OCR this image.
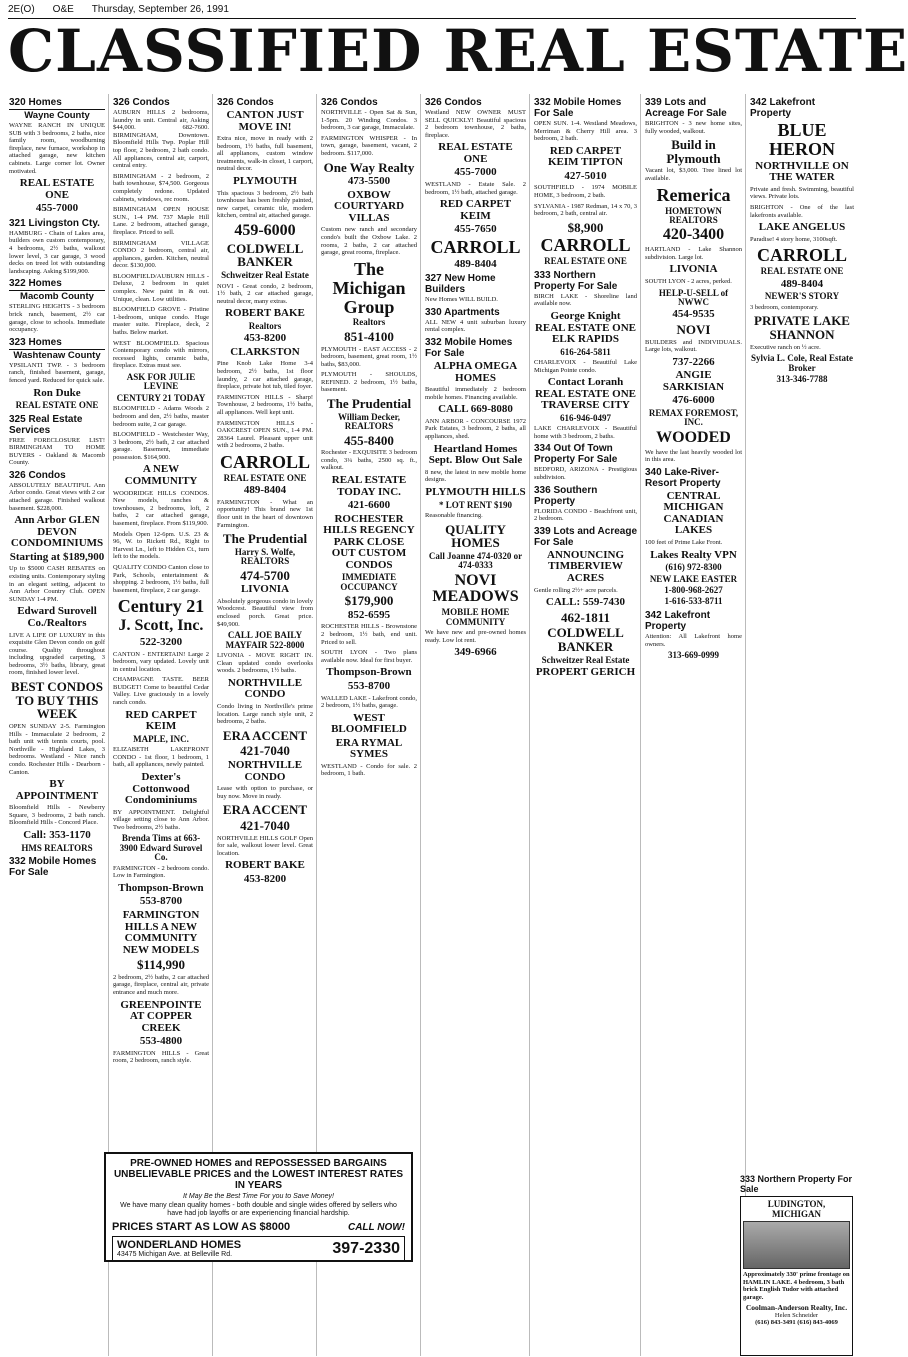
2E(O) O&E Thursday, September 26, 1991
CLASSIFIED REAL ESTATE
320 Homes
Wayne County
WAYNE RANCH IN UNIQUE SUB with 3 bedrooms, 2 baths, nice family room, woodburning fireplace, new furnace, workshop in attached garage, new kitchen cabinets. Large corner lot. Owner motivated.
REAL ESTATE ONE
455-7000
321 Livingston Cty.
HAMBURG - Chain of Lakes area, builders own custom contemporary, 4 bedrooms, 2½ baths, walkout lower level, 3 car garage, 3 wood decks on treed lot with outstanding landscaping. Asking $199,900.
322 Homes
Macomb County
STERLING HEIGHTS - 3 bedroom brick ranch, basement, 2½ car garage, close to schools. Immediate occupancy.
323 Homes
Washtenaw County
YPSILANTI TWP. - 3 bedroom ranch, finished basement, garage, fenced yard. Reduced for quick sale.
Ron Duke
REAL ESTATE ONE
325 Real Estate Services
FREE FORECLOSURE LIST! BIRMINGHAM TO HOME BUYERS - Oakland & Macomb County.
326 Condos
ABSOLUTELY BEAUTIFUL Ann Arbor condo. Great views with 2 car attached garage. Finished walkout basement. $228,000.
Ann Arbor GLEN DEVON CONDOMINIUMS
Starting at $189,900
Up to $5000 CASH REBATES on existing units. Contemporary styling in an elegant setting, adjacent to Ann Arbor Country Club. OPEN SUNDAY 1-4 PM.
Edward Surovell Co./Realtors
LIVE A LIFE OF LUXURY in this exquisite Glen Devon condo on golf course. Quality throughout including upgraded carpeting, 3 bedrooms, 3½ baths, library, great room, finished lower level.
BEST CONDOS TO BUY THIS WEEK
OPEN SUNDAY 2-5. Farmington Hills - Immaculate 2 bedroom, 2 bath unit with tennis courts, pool. Northville - Highland Lakes, 3 bedrooms. Westland - Nice ranch condo. Rochester Hills - Dearborn - Canton.
BY APPOINTMENT
Bloomfield Hills - Newberry Square, 3 bedrooms, 2 bath ranch. Bloomfield Hills - Concord Place.
Call: 353-1170
HMS REALTORS
332 Mobile Homes For Sale
326 Condos
AUBURN HILLS 2 bedrooms, laundry in unit. Central air, Asking $44,000. 682-7600. BIRMINGHAM, Downtown. Bloomfield Hills Twp. Poplar Hill top floor, 2 bedroom, 2 bath condo. All appliances, central air, carport, central entry.
BIRMINGHAM - 2 bedroom, 2 bath townhouse, $74,500. Gorgeous completely redone. Updated cabinets, windows, rec room.
BIRMINGHAM OPEN HOUSE SUN., 1-4 PM. 737 Maple Hill Lane. 2 bedroom, attached garage, fireplace. Priced to sell.
BIRMINGHAM VILLAGE CONDO 2 bedroom, central air, appliances, garden. Kitchen, neutral decor. $130,000.
BLOOMFIELD/AUBURN HILLS - Deluxe, 2 bedroom in quiet complex. New paint in & out. Unique, clean. Low utilities.
BLOOMFIELD GROVE - Pristine 1-bedroom, unique condo. Huge master suite. Fireplace, deck, 2 baths. Below market.
WEST BLOOMFIELD. Spacious Contemporary condo with mirrors, recessed lights, ceramic baths, fireplace. Extras must see.
ASK FOR JULIE LEVINE
CENTURY 21 TODAY
BLOOMFIELD - Adams Woods 2 bedroom and den, 2½ baths, master bedroom suite, 2 car garage.
BLOOMFIELD - Westchester Way, 3 bedroom, 2½ bath, 2 car attached garage. Basement, immediate possession. $164,900.
A NEW COMMUNITY
WOODRIDGE HILLS CONDOS. New models, ranches & townhouses, 2 bedrooms, loft, 2 baths, 2 car attached garage, basement, fireplace. From $119,900.
Models Open 12-6pm. U.S. 23 & 96, W. to Rickett Rd., Right to Harvest Ln., left to Hidden Ct., turn left to the models.
QUALITY CONDO Canton close to Park, Schools, entertainment & shopping. 2 bedroom, 1½ baths, full basement, fireplace, 2 car garage.
Century 21
J. Scott, Inc.
522-3200
CANTON - ENTERTAIN! Large 2 bedroom, vary updated. Lovely unit in central location.
CHAMPAGNE TASTE. BEER BUDGET! Come to beautiful Cedar Valley. Live graciously in a lovely ranch condo.
RED CARPET KEIM
MAPLE, INC.
ELIZABETH LAKEFRONT CONDO - 1st floor, 1 bedroom, 1 bath, all appliances, newly painted.
Dexter's Cottonwood Condominiums
BY APPOINTMENT. Delightful village setting close to Ann Arbor. Two bedrooms, 2½ baths.
Brenda Tims at 663-3900 Edward Surovel Co.
FARMINGTON - 2 bedroom condo. Low in Farmington.
Thompson-Brown
553-8700
FARMINGTON HILLS A NEW COMMUNITY NEW MODELS
$114,990
2 bedroom, 2½ baths, 2 car attached garage, fireplace, central air, private entrance and much more.
GREENPOINTE AT COPPER CREEK
553-4800
FARMINGTON HILLS - Great room, 2 bedroom, ranch style.
326 Condos
CANTON JUST MOVE IN!
Extra nice, move in ready with 2 bedroom, 1½ baths, full basement, all appliances, custom window treatments, walk-in closet, 1 carport, neutral decor.
PLYMOUTH
This spacious 3 bedroom, 2½ bath townhouse has been freshly painted, new carpet, ceramic tile, modern kitchen, central air, attached garage.
459-6000
COLDWELL BANKER
Schweitzer Real Estate
NOVI - Great condo, 2 bedroom, 1½ bath, 2 car attached garage, neutral decor, many extras.
ROBERT BAKE
Realtors
453-8200
CLARKSTON
Pine Knob Lake Home 3-4 bedroom, 2½ baths, 1st floor laundry, 2 car attached garage, fireplace, private hot tub, tiled foyer.
FARMINGTON HILLS - Sharp! Townhouse, 2 bedrooms, 1½ baths, all appliances. Well kept unit.
FARMINGTON HILLS - OAKCREST OPEN SUN., 1-4 PM. 28364 Laurel. Pleasant upper unit with 2 bedrooms, 2 baths.
CARROLL
REAL ESTATE ONE
489-8404
FARMINGTON - What an opportunity! This brand new 1st floor unit in the heart of downtown Farmington.
The Prudential
Harry S. Wolfe, REALTORS
474-5700
LIVONIA
Absolutely gorgeous condo in lovely Woodcrest. Beautiful view from enclosed porch. Great price. $49,900.
CALL JOE BAILY MAYFAIR 522-8000
LIVONIA - MOVE RIGHT IN. Clean updated condo overlooks woods. 2 bedrooms, 1½ baths.
NORTHVILLE CONDO
Condo living in Northville's prime location. Large ranch style unit, 2 bedrooms, 2 baths.
ERA ACCENT
421-7040
NORTHVILLE CONDO
Lease with option to purchase, or buy now. Move in ready.
ERA ACCENT
421-7040
NORTHVILLE HILLS GOLF Open for sale, walkout lower level. Great location.
ROBERT BAKE
453-8200
326 Condos
NORTHVILLE - Open Sat & Sun, 1-5pm. 20 Winding Condos. 3 bedroom, 3 car garage, Immaculate.
FARMINGTON WHISPER - In town, garage, basement, vacant, 2 bedroom. $117,000.
One Way Realty
473-5500
OXBOW COURTYARD VILLAS
Custom new ranch and secondary condo's built the Oxbow Lake. 2 rooms, 2 baths, 2 car attached garage, great rooms, fireplace.
The Michigan Group
Realtors
851-4100
PLYMOUTH - EAST ACCESS - 2 bedroom, basement, great room, 1½ baths, $83,000.
PLYMOUTH - SHOULDS, REFINED. 2 bedroom, 1½ baths, basement.
The Prudential
William Decker, REALTORS
455-8400
Rochester - EXQUISITE 3 bedroom condo, 3¼ baths, 2500 sq. ft., walkout.
REAL ESTATE TODAY INC.
421-6600
ROCHESTER HILLS REGENCY PARK CLOSE OUT CUSTOM CONDOS
IMMEDIATE OCCUPANCY
$179,900
852-6595
ROCHESTER HILLS - Brownstone 2 bedroom, 1½ bath, end unit. Priced to sell.
SOUTH LYON - Two plans available now. Ideal for first buyer.
Thompson-Brown
553-8700
WALLED LAKE - Lakefront condo, 2 bedroom, 1½ baths, garage.
WEST BLOOMFIELD
ERA RYMAL SYMES
WESTLAND - Condo for sale. 2 bedroom, 1 bath.
326 Condos
Westland NEW OWNER MUST SELL QUICKLY! Beautiful spacious 2 bedroom townhouse, 2 baths, fireplace.
REAL ESTATE ONE
455-7000
WESTLAND - Estate Sale. 2 bedroom, 1½ bath, attached garage.
RED CARPET KEIM
455-7650
CARROLL
489-8404
327 New Home Builders
New Homes WILL BUILD.
330 Apartments
ALL NEW 4 unit suburban luxury rental complex.
332 Mobile Homes For Sale
ALPHA OMEGA HOMES
Beautiful immediately 2 bedroom mobile homes. Financing available.
CALL 669-8080
ANN ARBOR - CONCOURSE 1972 Park Estates, 3 bedroom, 2 baths, all appliances, shed.
Heartland Homes Sept. Blow Out Sale
8 new, the latest in new mobile home designs.
PLYMOUTH HILLS
* LOT RENT $190
Reasonable financing.
QUALITY HOMES
Call Joanne 474-0320 or 474-0333
NOVI MEADOWS
MOBILE HOME COMMUNITY
We have new and pre-owned homes ready. Low lot rent.
349-6966
332 Mobile Homes For Sale
OPEN SUN. 1-4. Westland Meadows, Merriman & Cherry Hill area. 3 bedroom, 2 bath.
RED CARPET KEIM TIPTON
427-5010
SOUTHFIELD - 1974 MOBILE HOME, 3 bedroom, 2 bath.
SYLVANIA - 1987 Redman, 14 x 70, 3 bedroom, 2 bath, central air.
$8,900
CARROLL
REAL ESTATE ONE
333 Northern Property For Sale
BIRCH LAKE - Shoreline land available now.
George Knight REAL ESTATE ONE ELK RAPIDS
616-264-5811
CHARLEVOIX - Beautiful Lake Michigan Pointe condo.
Contact Loranh REAL ESTATE ONE TRAVERSE CITY
616-946-0497
LAKE CHARLEVOIX - Beautiful home with 3 bedroom, 2 baths.
334 Out Of Town Property For Sale
BEDFORD, ARIZONA - Prestigious subdivision.
336 Southern Property
FLORIDA CONDO - Beachfront unit, 2 bedroom.
339 Lots and Acreage For Sale
ANNOUNCING TIMBERVIEW ACRES
Gentle rolling 2½+ acre parcels.
CALL: 559-7430
462-1811
COLDWELL BANKER
Schweitzer Real Estate
PROPERT GERICH
339 Lots and Acreage For Sale
BRIGHTON - 3 new home sites, fully wooded, walkout.
Build in Plymouth
Vacant lot, $3,000. Tree lined lot available.
Remerica
HOMETOWN REALTORS
420-3400
HARTLAND - Lake Shannon subdivision. Large lot.
LIVONIA
SOUTH LYON - 2 acres, perked.
HELP-U-SELL of NWWC
454-9535
NOVI
BUILDERS and INDIVIDUALS. Large lots, walkout.
737-2266
ANGIE SARKISIAN
476-6000
REMAX FOREMOST, INC.
WOODED
We have the last heavily wooded lot in this area.
340 Lake-River-Resort Property
CENTRAL MICHIGAN CANADIAN LAKES
100 feet of Prime Lake Front.
Lakes Realty VPN
(616) 972-8300
NEW LAKE EASTER
1-800-968-2627
1-616-533-8711
342 Lakefront Property
Attention: All Lakefront home owners.
313-669-0999
342 Lakefront Property
BLUE HERON
NORTHVILLE ON THE WATER
Private and fresh. Swimming, beautiful views. Private lots.
BRIGHTON - One of the last lakefronts available.
LAKE ANGELUS
Paradise! 4 story home, 3100sqft.
CARROLL
REAL ESTATE ONE
489-8404
NEWER'S STORY
3 bedroom, contemporary.
PRIVATE LAKE SHANNON
Executive ranch on ½ acre.
Sylvia L. Cole, Real Estate Broker
313-346-7788
PRE-OWNED HOMES and REPOSSESSED BARGAINS UNBELIEVABLE PRICES and the LOWEST INTEREST RATES IN YEARS
It May Be the Best Time For you to Save Money!
We have many clean quality homes - both double and single wides offered by sellers who have had job layoffs or are experiencing financial hardship.
PRICES START AS LOW AS $8000	CALL NOW!
WONDERLAND HOMES
43475 Michigan Ave. at Belleville Rd.	397-2330
333 Northern Property For Sale
LUDINGTON, MICHIGAN
Approximately 330' prime frontage on HAMLIN LAKE. 4 bedroom, 3 bath brick English Tudor with attached garage.
Coolman-Anderson Realty, Inc.
Helen Schneider
(616) 843-3491 (616) 843-4069
